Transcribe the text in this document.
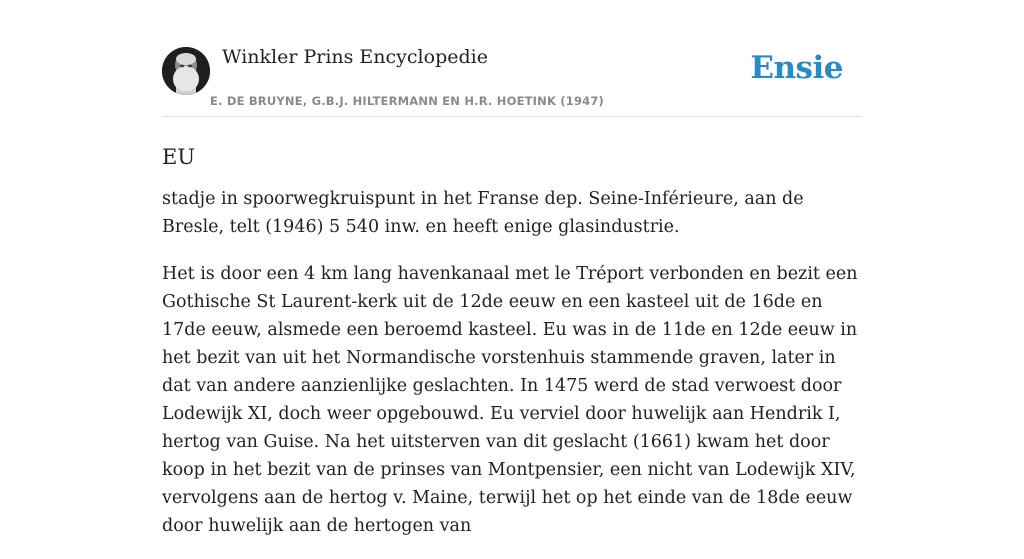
Winkler Prins Encyclopedie
E. DE BRUYNE, G.B.J. HILTERMANN EN H.R. HOETINK (1947)
Ensie
EU

stadje in spoorwegkruispunt in het Franse dep. Seine-Inférieure, aan de Bresle, telt (1946) 5 540 inw. en heeft enige glasindustrie.

Het is door een 4 km lang havenkanaal met le Tréport verbonden en bezit een Gothische St Laurent-kerk uit de 12de eeuw en een kasteel uit de 16de en 17de eeuw, alsmede een beroemd kasteel. Eu was in de 11de en 12de eeuw in het bezit van uit het Normandische vorstenhuis stammende graven, later in dat van andere aanzienlijke geslachten. In 1475 werd de stad verwoest door Lodewijk XI, doch weer opgebouwd. Eu verviel door huwelijk aan Hendrik I, hertog van Guise. Na het uitsterven van dit geslacht (1661) kwam het door koop in het bezit van de prinses van Montpensier, een nicht van Lodewijk XIV, vervolgens aan de hertog v. Maine, terwijl het op het einde van de 18de eeuw door huwelijk aan de hertogen van
